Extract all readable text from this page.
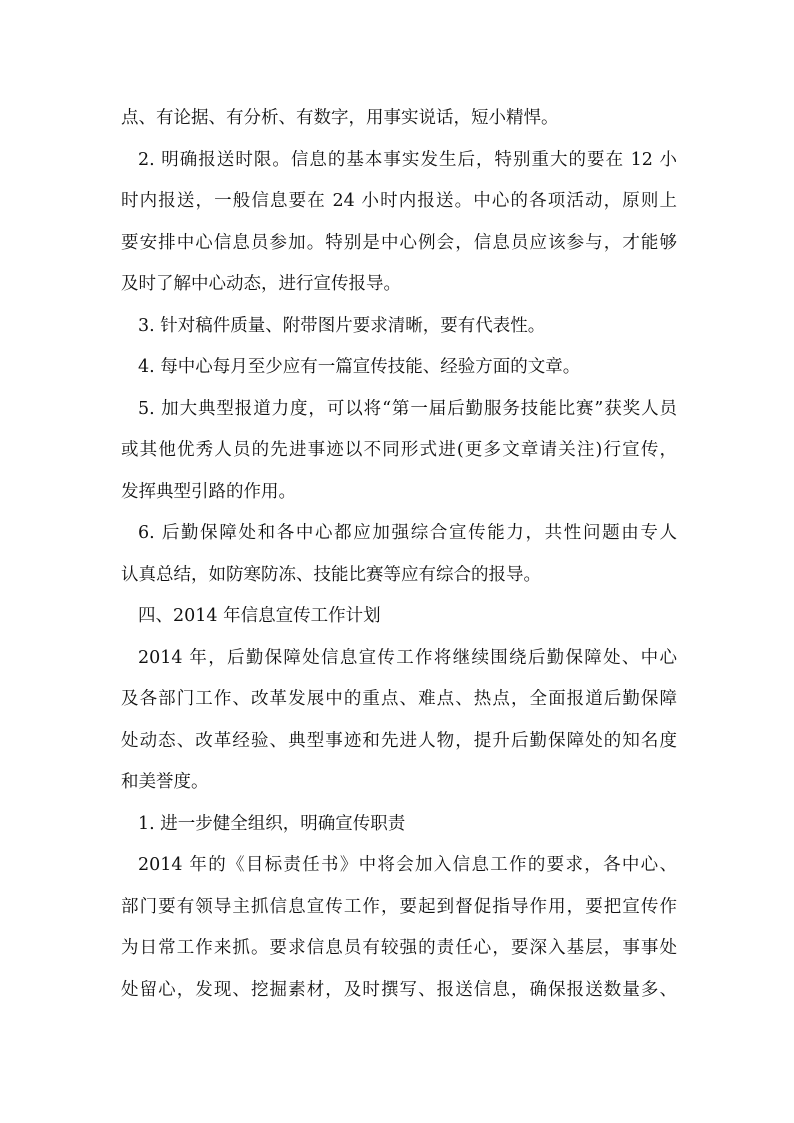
点、有论据、有分析、有数字，用事实说话，短小精悍。
2. 明确报送时限。信息的基本事实发生后，特别重大的要在 12 小
时内报送，一般信息要在 24 小时内报送。中心的各项活动，原则上
要安排中心信息员参加。特别是中心例会，信息员应该参与，才能够
及时了解中心动态，进行宣传报导。
3. 针对稿件质量、附带图片要求清晰，要有代表性。
4. 每中心每月至少应有一篇宣传技能、经验方面的文章。
5. 加大典型报道力度，可以将“第一届后勤服务技能比赛”获奖人员
或其他优秀人员的先进事迹以不同形式进(更多文章请关注)行宣传，
发挥典型引路的作用。
6. 后勤保障处和各中心都应加强综合宣传能力，共性问题由专人
认真总结，如防寒防冻、技能比赛等应有综合的报导。
四、2014 年信息宣传工作计划
2014 年，后勤保障处信息宣传工作将继续围绕后勤保障处、中心
及各部门工作、改革发展中的重点、难点、热点，全面报道后勤保障
处动态、改革经验、典型事迹和先进人物，提升后勤保障处的知名度
和美誉度。
1. 进一步健全组织，明确宣传职责
2014 年的《目标责任书》中将会加入信息工作的要求，各中心、
部门要有领导主抓信息宣传工作，要起到督促指导作用，要把宣传作
为日常工作来抓。要求信息员有较强的责任心，要深入基层，事事处
处留心，发现、挖掘素材，及时撰写、报送信息，确保报送数量多、
